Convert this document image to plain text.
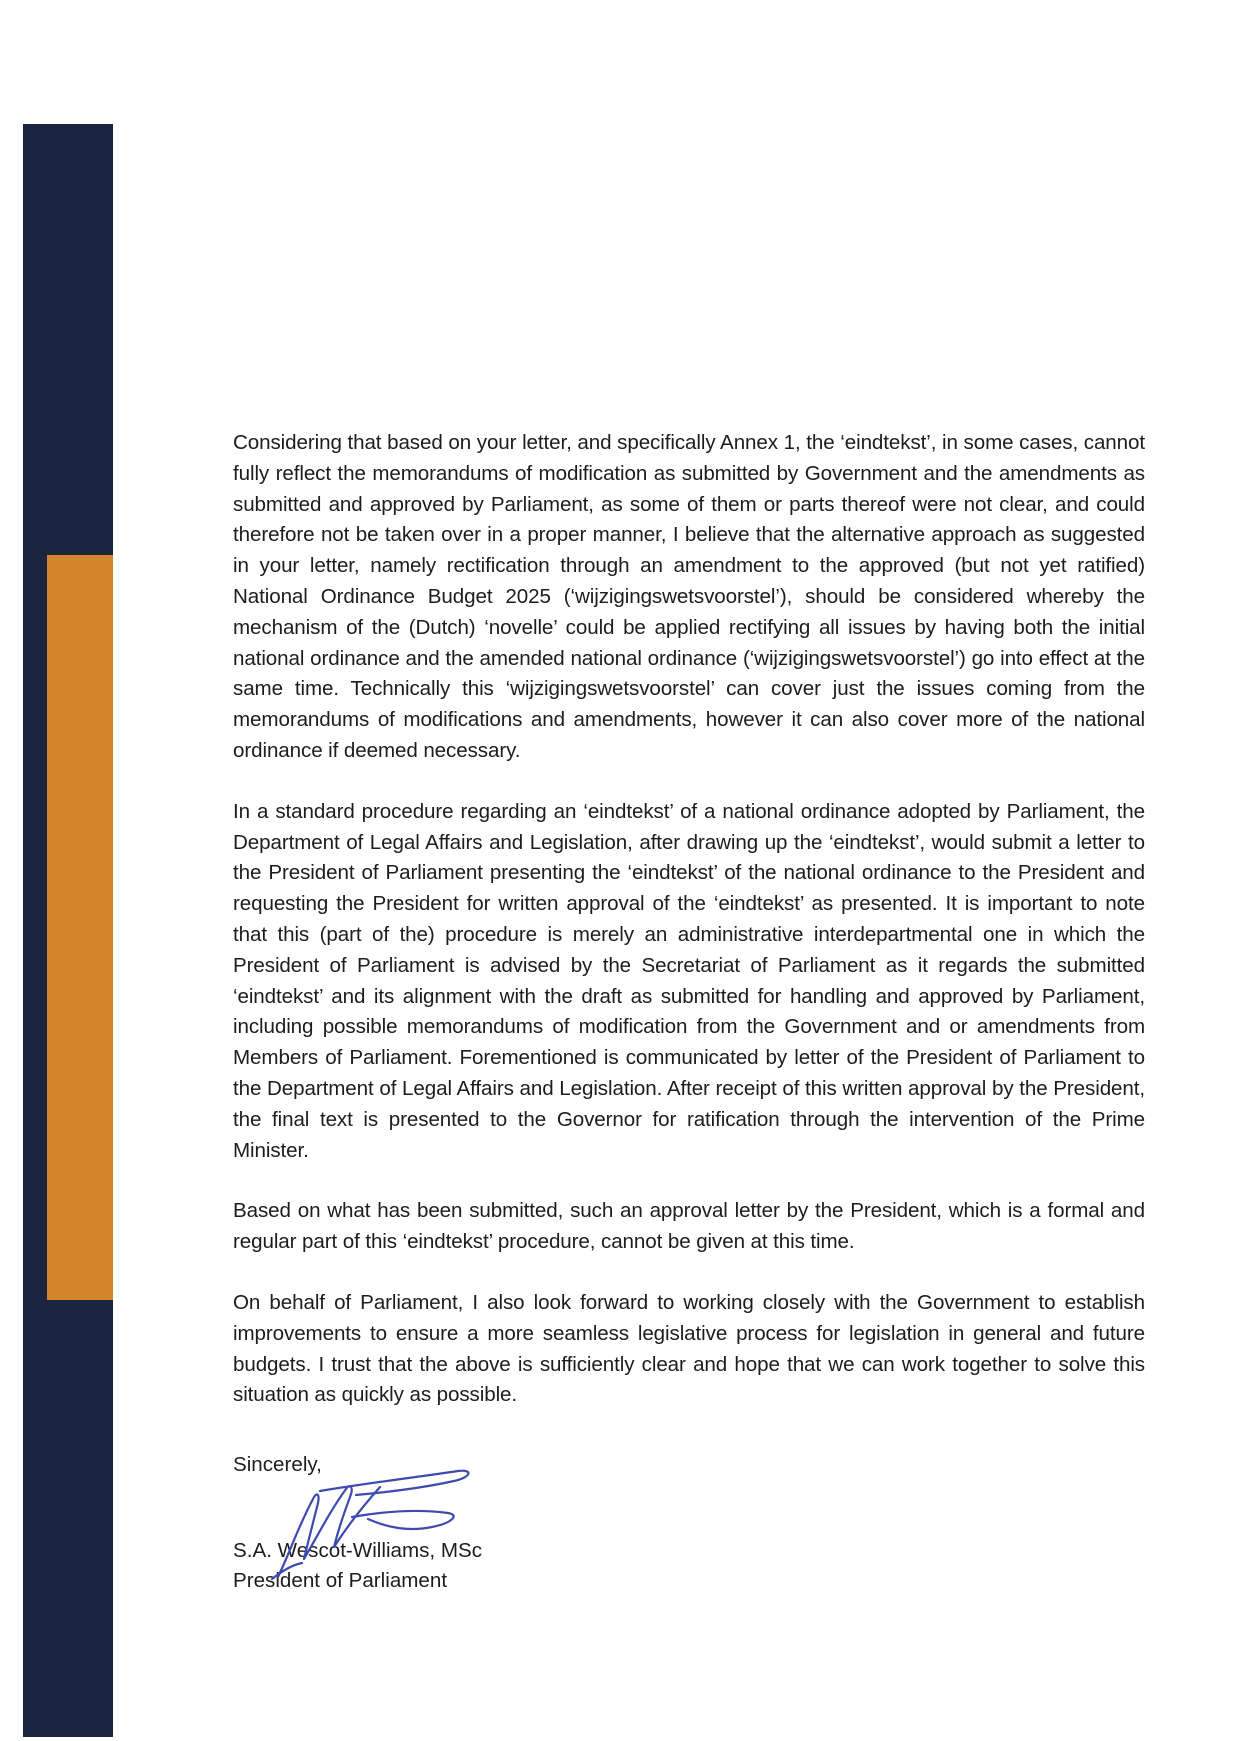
Considering that based on your letter, and specifically Annex 1, the ‘eindtekst’, in some cases, cannot fully reflect the memorandums of modification as submitted by Government and the amendments as submitted and approved by Parliament, as some of them or parts thereof were not clear, and could therefore not be taken over in a proper manner, I believe that the alternative approach as suggested in your letter, namely rectification through an amendment to the approved (but not yet ratified) National Ordinance Budget 2025 (‘wijzigingswetsvoorstel’), should be considered whereby the mechanism of the (Dutch) ‘novelle’ could be applied rectifying all issues by having both the initial national ordinance and the amended national ordinance (‘wijzigingswetsvoorstel’) go into effect at the same time. Technically this ‘wijzigingswetsvoorstel’ can cover just the issues coming from the memorandums of modifications and amendments, however it can also cover more of the national ordinance if deemed necessary.

In a standard procedure regarding an ‘eindtekst’ of a national ordinance adopted by Parliament, the Department of Legal Affairs and Legislation, after drawing up the ‘eindtekst’, would submit a letter to the President of Parliament presenting the ‘eindtekst’ of the national ordinance to the President and requesting the President for written approval of the ‘eindtekst’ as presented. It is important to note that this (part of the) procedure is merely an administrative interdepartmental one in which the President of Parliament is advised by the Secretariat of Parliament as it regards the submitted ‘eindtekst’ and its alignment with the draft as submitted for handling and approved by Parliament, including possible memorandums of modification from the Government and or amendments from Members of Parliament. Forementioned is communicated by letter of the President of Parliament to the Department of Legal Affairs and Legislation. After receipt of this written approval by the President, the final text is presented to the Governor for ratification through the intervention of the Prime Minister.

Based on what has been submitted, such an approval letter by the President, which is a formal and regular part of this ‘eindtekst’ procedure, cannot be given at this time.

On behalf of Parliament, I also look forward to working closely with the Government to establish improvements to ensure a more seamless legislative process for legislation in general and future budgets. I trust that the above is sufficiently clear and hope that we can work together to solve this situation as quickly as possible.

Sincerely,
S.A. Wescot-Williams, MSc
President of Parliament
